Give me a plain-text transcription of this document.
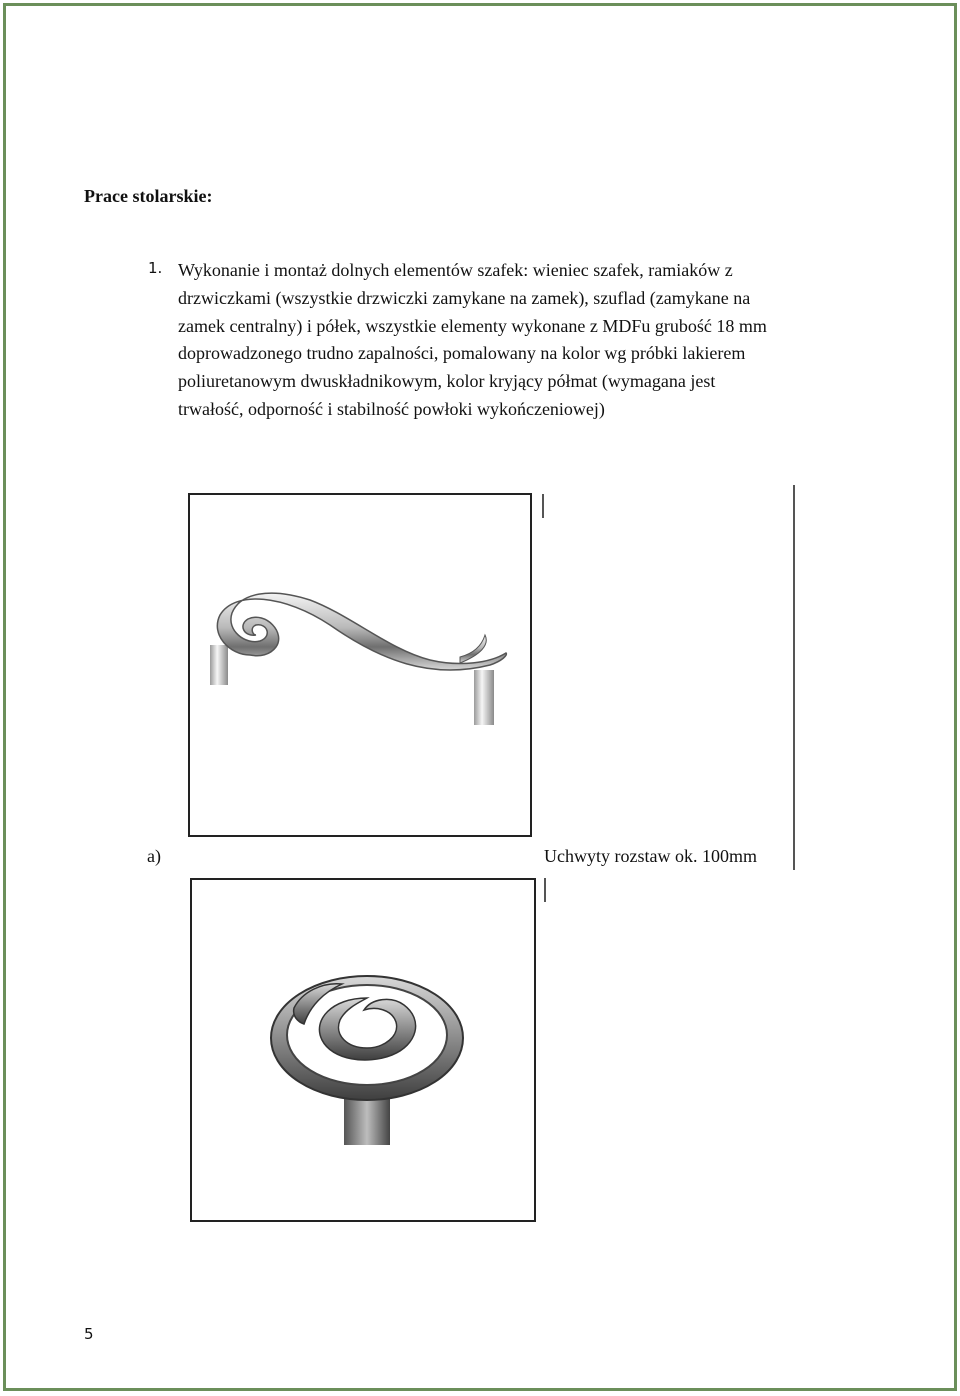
Prace stolarskie:
1. Wykonanie i montaż dolnych elementów szafek: wieniec szafek, ramiaków z
drzwiczkami (wszystkie drzwiczki zamykane na zamek), szuflad (zamykane na
zamek centralny) i półek, wszystkie elementy wykonane z MDFu grubość 18 mm
doprowadzonego trudno zapalności, pomalowany na kolor wg próbki lakierem
poliuretanowym dwuskładnikowym, kolor kryjący półmat (wymagana jest
trwałość, odporność i stabilność powłoki wykończeniowej)
a)	Uchwyty rozstaw ok. 100mm
5
